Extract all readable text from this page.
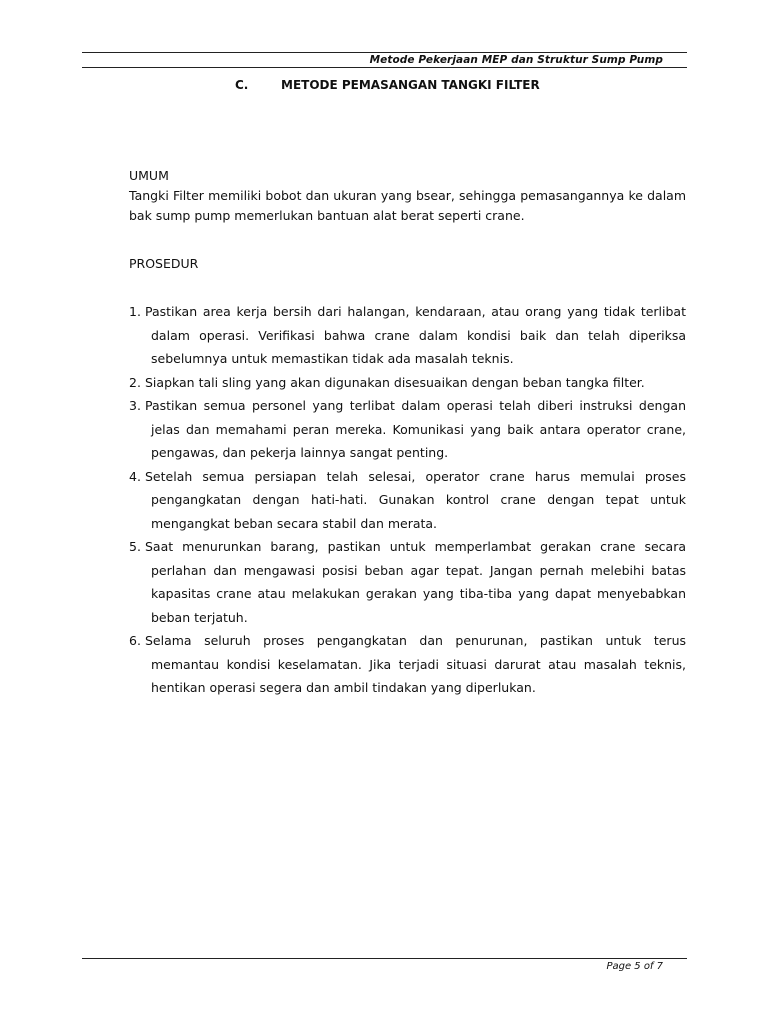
Metode Pekerjaan MEP dan Struktur Sump Pump
C.	METODE PEMASANGAN TANGKI FILTER

UMUM

Tangki Filter memiliki bobot dan ukuran yang bsear, sehingga pemasangannya ke dalam bak sump pump memerlukan bantuan alat berat seperti crane.

PROSEDUR

1. Pastikan area kerja bersih dari halangan, kendaraan, atau orang yang tidak terlibat dalam operasi. Verifikasi bahwa crane dalam kondisi baik dan telah diperiksa sebelumnya untuk memastikan tidak ada masalah teknis.
2. Siapkan tali sling yang akan digunakan disesuaikan dengan beban tangka filter.
3. Pastikan semua personel yang terlibat dalam operasi telah diberi instruksi dengan jelas dan memahami peran mereka. Komunikasi yang baik antara operator crane, pengawas, dan pekerja lainnya sangat penting.
4. Setelah semua persiapan telah selesai, operator crane harus memulai proses pengangkatan dengan hati-hati. Gunakan kontrol crane dengan tepat untuk mengangkat beban secara stabil dan merata.
5. Saat menurunkan barang, pastikan untuk memperlambat gerakan crane secara perlahan dan mengawasi posisi beban agar tepat. Jangan pernah melebihi batas kapasitas crane atau melakukan gerakan yang tiba-tiba yang dapat menyebabkan beban terjatuh.
6. Selama seluruh proses pengangkatan dan penurunan, pastikan untuk terus memantau kondisi keselamatan. Jika terjadi situasi darurat atau masalah teknis, hentikan operasi segera dan ambil tindakan yang diperlukan.
Page 5 of 7
